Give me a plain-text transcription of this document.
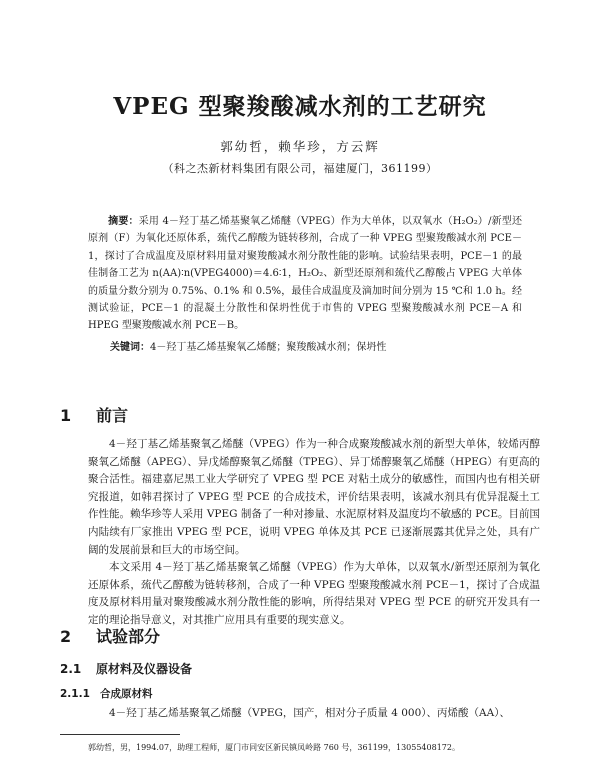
VPEG 型聚羧酸减水剂的工艺研究
郭幼哲，赖华珍，方云辉
（科之杰新材料集团有限公司，福建厦门，361199）
摘要：采用 4－羟丁基乙烯基聚氧乙烯醚（VPEG）作为大单体，以双氧水（H₂O₂）/新型还原剂（F）为氧化还原体系，巯代乙醇酸为链转移剂，合成了一种 VPEG 型聚羧酸减水剂 PCE－1，探讨了合成温度及原材料用量对聚羧酸减水剂分散性能的影响。试验结果表明，PCE－1 的最佳制备工艺为 n(AA)∶n(VPEG4000)＝4.6∶1，H₂O₂、新型还原剂和巯代乙醇酸占 VPEG 大单体的质量分数分别为 0.75%、0.1% 和 0.5%，最佳合成温度及滴加时间分别为 15 ℃和 1.0 h。经测试验证，PCE－1 的混凝土分散性和保坍性优于市售的 VPEG 型聚羧酸减水剂 PCE－A 和 HPEG 型聚羧酸减水剂 PCE－B。
关键词：4－羟丁基乙烯基聚氧乙烯醚；聚羧酸减水剂；保坍性
1 前言

4－羟丁基乙烯基聚氧乙烯醚（VPEG）作为一种合成聚羧酸减水剂的新型大单体，较烯丙醇聚氧乙烯醚（APEG）、异戊烯醇聚氧乙烯醚（TPEG）、异丁烯醇聚氧乙烯醚（HPEG）有更高的聚合活性。福建嘉尼黑工业大学研究了 VPEG 型 PCE 对粘土成分的敏感性，而国内也有相关研究报道，如韩君探讨了 VPEG 型 PCE 的合成技术，评价结果表明，该减水剂具有优异混凝土工作性能。赖华珍等人采用 VPEG 制备了一种对掺量、水泥原材料及温度均不敏感的 PCE。目前国内陆续有厂家推出 VPEG 型 PCE，说明 VPEG 单体及其 PCE 已逐渐展露其优异之处，具有广阔的发展前景和巨大的市场空间。

本文采用 4－羟丁基乙烯基聚氧乙烯醚（VPEG）作为大单体，以双氧水/新型还原剂为氧化还原体系，巯代乙醇酸为链转移剂，合成了一种 VPEG 型聚羧酸减水剂 PCE－1，探讨了合成温度及原材料用量对聚羧酸减水剂分散性能的影响，所得结果对 VPEG 型 PCE 的研究开发具有一定的理论指导意义，对其推广应用具有重要的现实意义。

2 试验部分
2.1 原材料及仪器设备
2.1.1 合成原材料

4－羟丁基乙烯基聚氧乙烯醚（VPEG，国产，相对分子质量 4 000）、丙烯酸（AA）、

郭幼哲，男，1994.07，助理工程师，厦门市同安区新民镇凤岭路 760 号，361199，13055408172。
